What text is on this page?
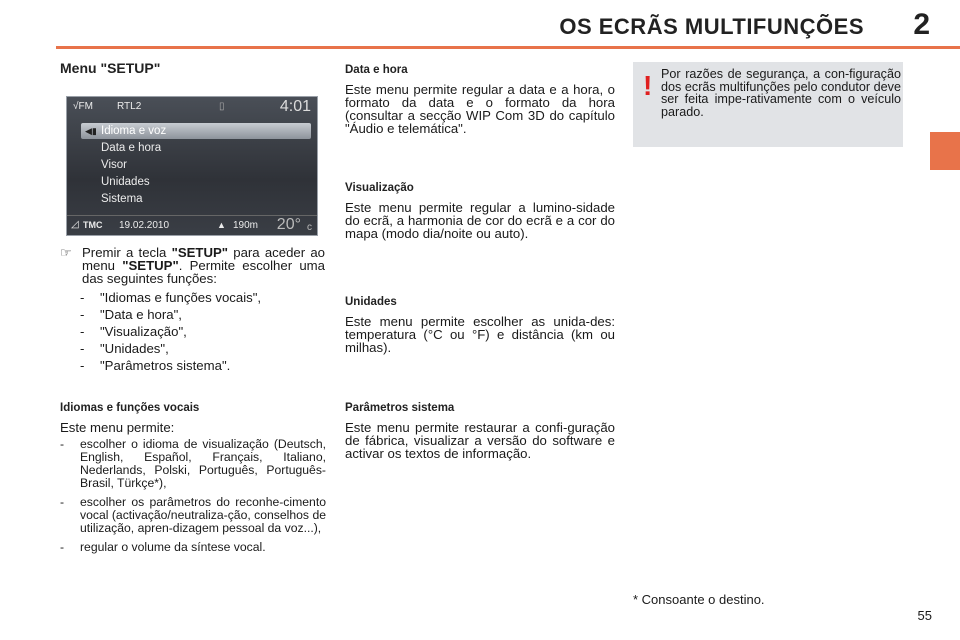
OS ECRÃS MULTIFUNÇÕES 2
Menu "SETUP"
√FM RTL2	▯	4:01
◀▮ Idioma e voz
Data e hora
Visor
Unidades
Sistema
◿ TMC 19.02.2010	▲ 190m 20° c
☞ Premir a tecla "SETUP" para aceder ao menu "SETUP". Permite escolher uma das seguintes funções:
- "Idiomas e funções vocais",
- "Data e hora",
- "Visualização",
- "Unidades",
- "Parâmetros sistema".
Idiomas e funções vocais

Este menu permite:

- escolher o idioma de visualização (Deutsch, English, Español, Français, Italiano, Nederlands, Polski, Português, Português-Brasil, Türkçe*),
- escolher os parâmetros do reconhe-cimento vocal (activação/neutraliza-ção, conselhos de utilização, apren-dizagem pessoal da voz...),
- regular o volume da síntese vocal.
Data e hora

Este menu permite regular a data e a hora, o formato da data e o formato da hora (consultar a secção WIP Com 3D do capítulo "Áudio e telemática".

Visualização

Este menu permite regular a lumino-sidade do ecrã, a harmonia de cor do ecrã e a cor do mapa (modo dia/noite ou auto).

Unidades

Este menu permite escolher as unida-des: temperatura (°C ou °F) e distância (km ou milhas).

Parâmetros sistema

Este menu permite restaurar a confi-guração de fábrica, visualizar a versão do software e activar os textos de informação.

! Por razões de segurança, a con-figuração dos ecrãs multifunções pelo condutor deve ser feita impe-rativamente com o veículo parado.
* Consoante o destino.
55
